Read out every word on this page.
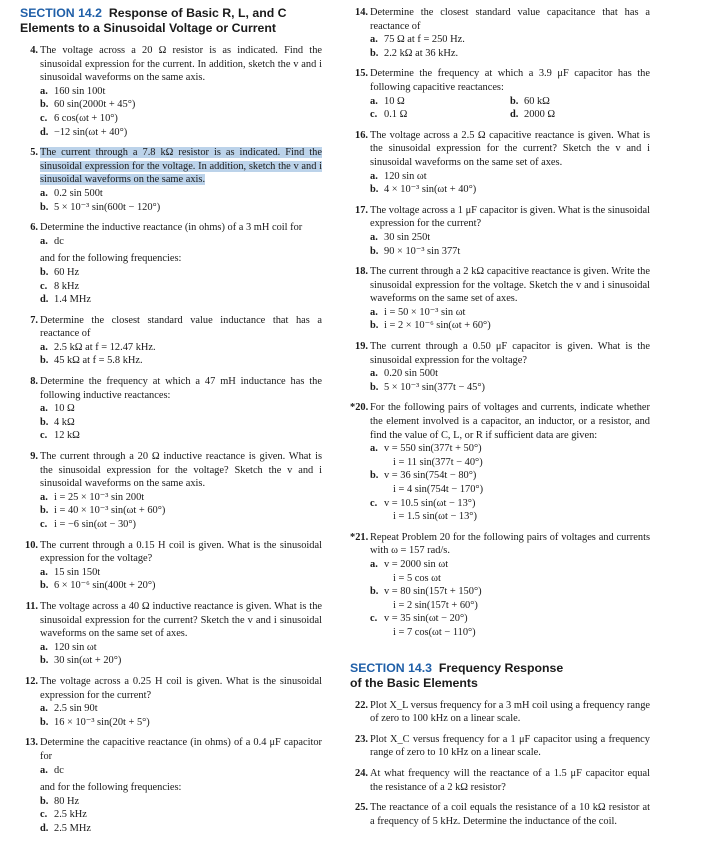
SECTION 14.2 Response of Basic R, L, and C
Elements to a Sinusoidal Voltage or Current
4. The voltage across a 20 Ω resistor is as indicated. Find the sinusoidal expression for the current. In addition, sketch the v and i sinusoidal waveforms on the same axis.
a. 160 sin 100t
b. 60 sin(2000t + 45°)
c. 6 cos(ωt + 10°)
d. −12 sin(ωt + 40°)
5. The current through a 7.8 kΩ resistor is as indicated. Find the sinusoidal expression for the voltage. In addition, sketch the v and i sinusoidal waveforms on the same axis.
a. 0.2 sin 500t
b. 5 × 10⁻³ sin(600t − 120°)
6. Determine the inductive reactance (in ohms) of a 3 mH coil for
a. dc
and for the following frequencies:
b. 60 Hz
c. 8 kHz
d. 1.4 MHz
7. Determine the closest standard value inductance that has a reactance of
a. 2.5 kΩ at f = 12.47 kHz.
b. 45 kΩ at f = 5.8 kHz.
8. Determine the frequency at which a 47 mH inductance has the following inductive reactances:
a. 10 Ω
b. 4 kΩ
c. 12 kΩ
9. The current through a 20 Ω inductive reactance is given. What is the sinusoidal expression for the voltage? Sketch the v and i sinusoidal waveforms on the same axis.
a. i = 25 × 10⁻³ sin 200t
b. i = 40 × 10⁻³ sin(ωt + 60°)
c. i = −6 sin(ωt − 30°)
10. The current through a 0.15 H coil is given. What is the sinusoidal expression for the voltage?
a. 15 sin 150t
b. 6 × 10⁻⁶ sin(400t + 20°)
11. The voltage across a 40 Ω inductive reactance is given. What is the sinusoidal expression for the current? Sketch the v and i sinusoidal waveforms on the same set of axes.
a. 120 sin ωt
b. 30 sin(ωt + 20°)
12. The voltage across a 0.25 H coil is given. What is the sinusoidal expression for the current?
a. 2.5 sin 90t
b. 16 × 10⁻³ sin(20t + 5°)
13. Determine the capacitive reactance (in ohms) of a 0.4 μF capacitor for
a. dc
and for the following frequencies:
b. 80 Hz
c. 2.5 kHz
d. 2.5 MHz
14. Determine the closest standard value capacitance that has a reactance of
a. 75 Ω at f = 250 Hz.
b. 2.2 kΩ at 36 kHz.
15. Determine the frequency at which a 3.9 μF capacitor has the following capacitive reactances:
a. 10 Ω	b. 60 kΩ
c. 0.1 Ω	d. 2000 Ω
16. The voltage across a 2.5 Ω capacitive reactance is given. What is the sinusoidal expression for the current? Sketch the v and i sinusoidal waveforms on the same set of axes.
a. 120 sin ωt
b. 4 × 10⁻³ sin(ωt + 40°)
17. The voltage across a 1 μF capacitor is given. What is the sinusoidal expression for the current?
a. 30 sin 250t
b. 90 × 10⁻³ sin 377t
18. The current through a 2 kΩ capacitive reactance is given. Write the sinusoidal expression for the voltage. Sketch the v and i sinusoidal waveforms on the same set of axes.
a. i = 50 × 10⁻³ sin ωt
b. i = 2 × 10⁻⁶ sin(ωt + 60°)
19. The current through a 0.50 μF capacitor is given. What is the sinusoidal expression for the voltage?
a. 0.20 sin 500t
b. 5 × 10⁻³ sin(377t − 45°)
*20. For the following pairs of voltages and currents, indicate whether the element involved is a capacitor, an inductor, or a resistor, and find the value of C, L, or R if sufficient data are given:
a. v = 550 sin(377t + 50°)
i = 11 sin(377t − 40°)
b. v = 36 sin(754t − 80°)
i = 4 sin(754t − 170°)
c. v = 10.5 sin(ωt − 13°)
i = 1.5 sin(ωt − 13°)
*21. Repeat Problem 20 for the following pairs of voltages and currents with ω = 157 rad/s.
a. v = 2000 sin ωt
i = 5 cos ωt
b. v = 80 sin(157t + 150°)
i = 2 sin(157t + 60°)
c. v = 35 sin(ωt − 20°)
i = 7 cos(ωt − 110°)
SECTION 14.3 Frequency Response
of the Basic Elements
22. Plot X_L versus frequency for a 3 mH coil using a frequency range of zero to 100 kHz on a linear scale.
23. Plot X_C versus frequency for a 1 μF capacitor using a frequency range of zero to 10 kHz on a linear scale.
24. At what frequency will the reactance of a 1.5 μF capacitor equal the resistance of a 2 kΩ resistor?
25. The reactance of a coil equals the resistance of a 10 kΩ resistor at a frequency of 5 kHz. Determine the inductance of the coil.
